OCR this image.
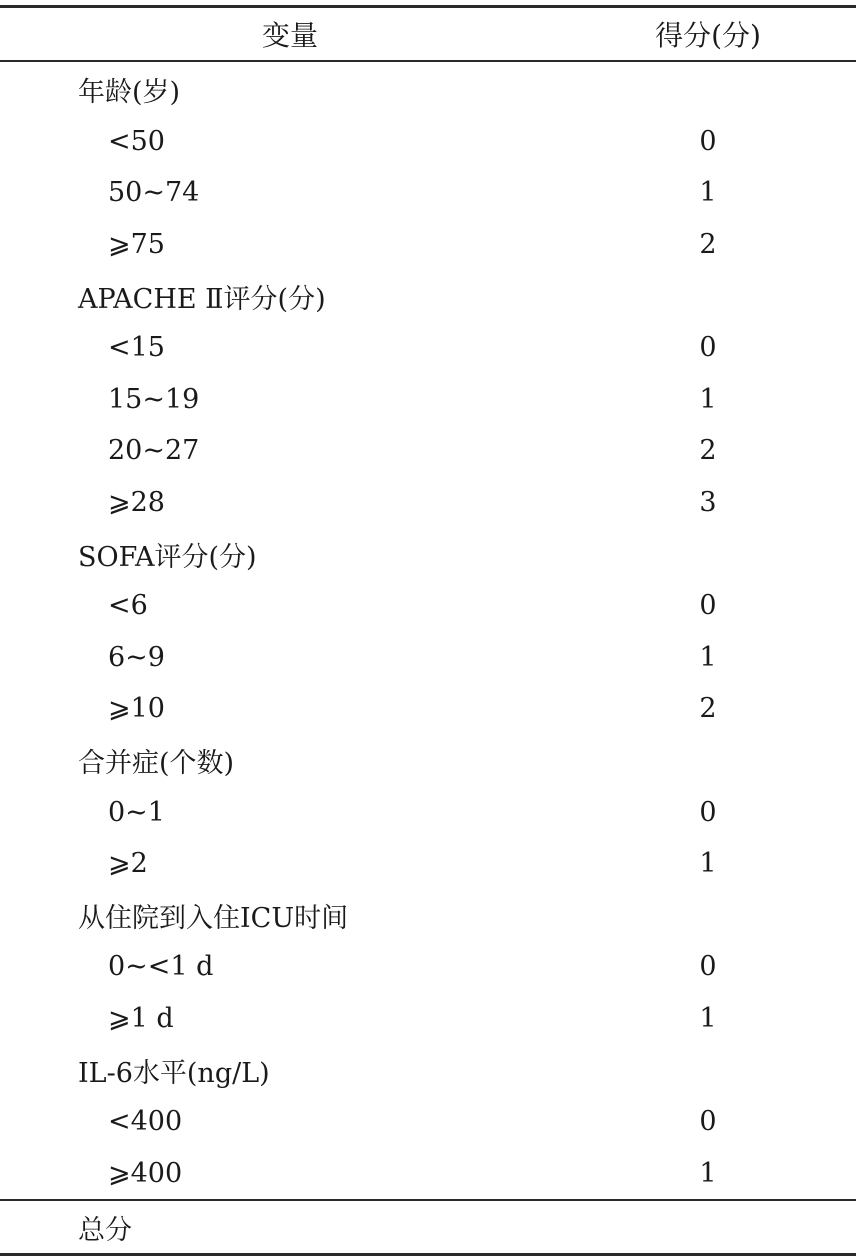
变量	得分(分)
年龄(岁)
<50	0
50~74	1
⩾75	2
APACHE Ⅱ评分(分)
<15	0
15~19	1
20~27	2
⩾28	3
SOFA评分(分)
<6	0
6~9	1
⩾10	2
合并症(个数)
0~1	0
⩾2	1
从住院到入住ICU时间
0~<1 d	0
⩾1 d	1
IL-6水平(ng/L)
<400	0
⩾400	1
总分
